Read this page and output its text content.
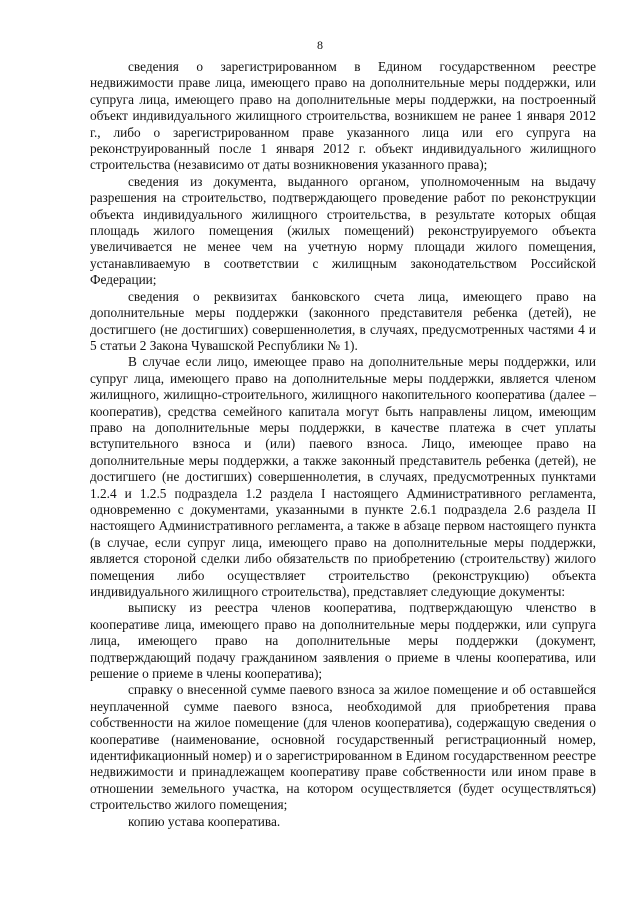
8

сведения о зарегистрированном в Едином государственном реестре недвижимости праве лица, имеющего право на дополнительные меры поддержки, или супруга лица, имеющего право на дополнительные меры поддержки, на построенный объект индивидуального жилищного строительства, возникшем не ранее 1 января 2012 г., либо о зарегистрированном праве указанного лица или его супруга на реконструированный после 1 января 2012 г. объект индивидуального жилищного строительства (независимо от даты возникновения указанного права);

сведения из документа, выданного органом, уполномоченным на выдачу разрешения на строительство, подтверждающего проведение работ по реконструкции объекта индивидуального жилищного строительства, в результате которых общая площадь жилого помещения (жилых помещений) реконструируемого объекта увеличивается не менее чем на учетную норму площади жилого помещения, устанавливаемую в соответствии с жилищным законодательством Российской Федерации;

сведения о реквизитах банковского счета лица, имеющего право на дополнительные меры поддержки (законного представителя ребенка (детей), не достигшего (не достигших) совершеннолетия, в случаях, предусмотренных частями 4 и 5 статьи 2 Закона Чувашской Республики № 1).

В случае если лицо, имеющее право на дополнительные меры поддержки, или супруг лица, имеющего право на дополнительные меры поддержки, является членом жилищного, жилищно-строительного, жилищного накопительного кооператива (далее – кооператив), средства семейного капитала могут быть направлены лицом, имеющим право на дополнительные меры поддержки, в качестве платежа в счет уплаты вступительного взноса и (или) паевого взноса. Лицо, имеющее право на дополнительные меры поддержки, а также законный представитель ребенка (детей), не достигшего (не достигших) совершеннолетия, в случаях, предусмотренных пунктами 1.2.4 и 1.2.5 подраздела 1.2 раздела I настоящего Административного регламента, одновременно с документами, указанными в пункте 2.6.1 подраздела 2.6 раздела II настоящего Административного регламента, а также в абзаце первом настоящего пункта (в случае, если супруг лица, имеющего право на дополнительные меры поддержки, является стороной сделки либо обязательств по приобретению (строительству) жилого помещения либо осуществляет строительство (реконструкцию) объекта индивидуального жилищного строительства), представляет следующие документы:

выписку из реестра членов кооператива, подтверждающую членство в кооперативе лица, имеющего право на дополнительные меры поддержки, или супруга лица, имеющего право на дополнительные меры поддержки (документ, подтверждающий подачу гражданином заявления о приеме в члены кооператива, или решение о приеме в члены кооператива);

справку о внесенной сумме паевого взноса за жилое помещение и об оставшейся неуплаченной сумме паевого взноса, необходимой для приобретения права собственности на жилое помещение (для членов кооператива), содержащую сведения о кооперативе (наименование, основной государственный регистрационный номер, идентификационный номер) и о зарегистрированном в Едином государственном реестре недвижимости и принадлежащем кооперативу праве собственности или ином праве в отношении земельного участка, на котором осуществляется (будет осуществляться) строительство жилого помещения;

копию устава кооператива.
